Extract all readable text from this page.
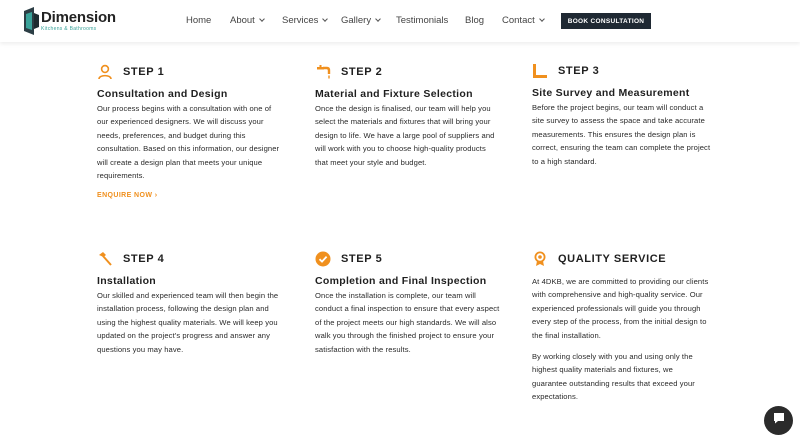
Dimension
Kitchens & Bathrooms
Home About	Services Gallery	Testimonials Blog Contact	BOOK CONSULTATION
STEP 1
Consultation and Design

Our process begins with a consultation with one of our experienced designers. We will discuss your needs, preferences, and budget during this consultation. Based on this information, our designer will create a design plan that meets your unique requirements.

ENQUIRE NOW ›
STEP 2
Material and Fixture Selection

Once the design is finalised, our team will help you select the materials and fixtures that will bring your design to life. We have a large pool of suppliers and will work with you to choose high-quality products that meet your style and budget.

STEP 3
Site Survey and Measurement

Before the project begins, our team will conduct a site survey to assess the space and take accurate measurements. This ensures the design plan is correct, ensuring the team can complete the project to a high standard.

STEP 4
Installation

Our skilled and experienced team will then begin the installation process, following the design plan and using the highest quality materials. We will keep you updated on the project's progress and answer any questions you may have.

STEP 5
Completion and Final Inspection

Once the installation is complete, our team will conduct a final inspection to ensure that every aspect of the project meets our high standards. We will also walk you through the finished project to ensure your satisfaction with the results.

QUALITY SERVICE

At 4DKB, we are committed to providing our clients with comprehensive and high-quality service. Our experienced professionals will guide you through every step of the process, from the initial design to the final installation.

By working closely with you and using only the highest quality materials and fixtures, we guarantee outstanding results that exceed your expectations.
